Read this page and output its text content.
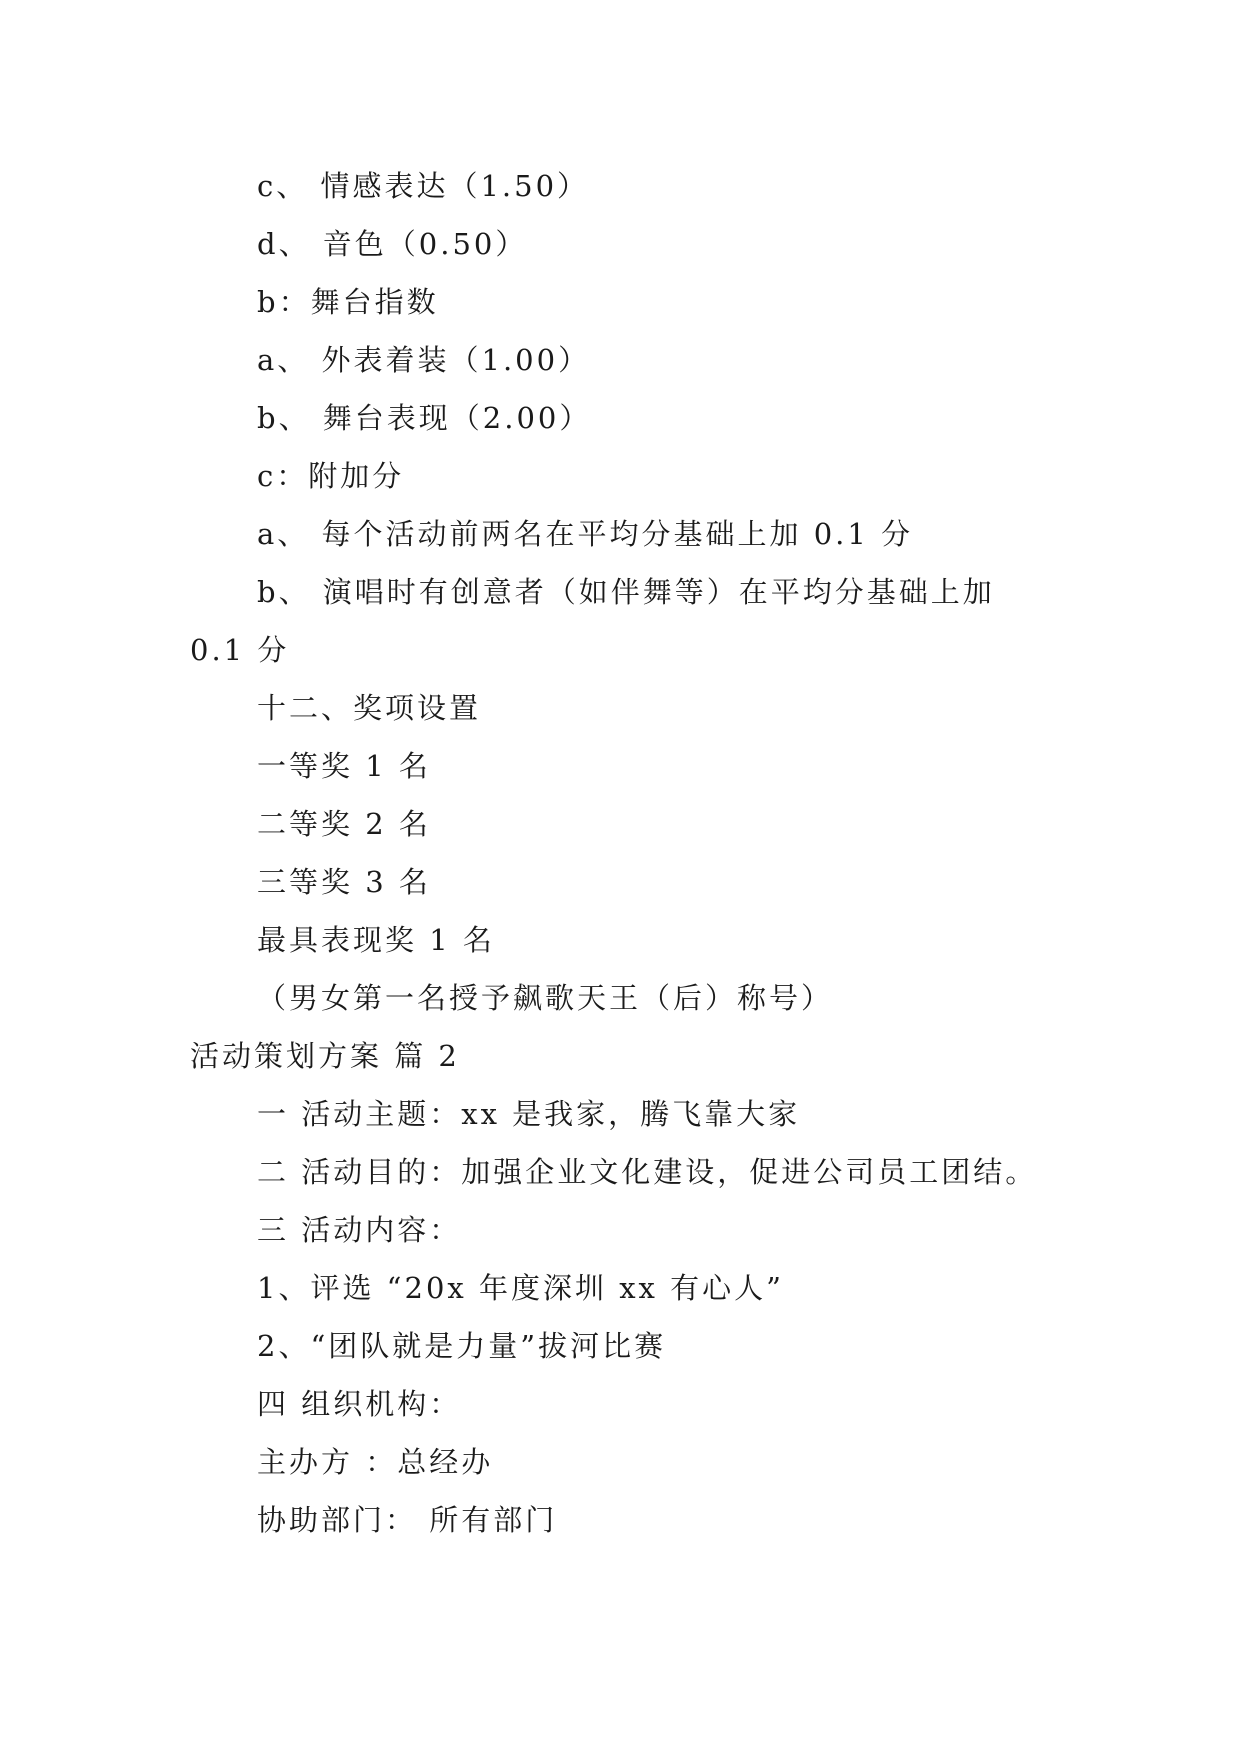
c、 情感表达（1.50）
d、 音色（0.50）
b：舞台指数
a、 外表着装（1.00）
b、 舞台表现（2.00）
c：附加分
a、 每个活动前两名在平均分基础上加 0.1 分
b、 演唱时有创意者（如伴舞等）在平均分基础上加
0.1 分
十二、奖项设置
一等奖 1 名
二等奖 2 名
三等奖 3 名
最具表现奖 1 名
（男女第一名授予飙歌天王（后）称号）
活动策划方案 篇 2
一 活动主题：xx 是我家，腾飞靠大家
二 活动目的：加强企业文化建设，促进公司员工团结。
三 活动内容：
1、评选 “20x 年度深圳 xx 有心人”
2、“团队就是力量”拔河比赛
四 组织机构：
主办方 ：总经办
协助部门： 所有部门
